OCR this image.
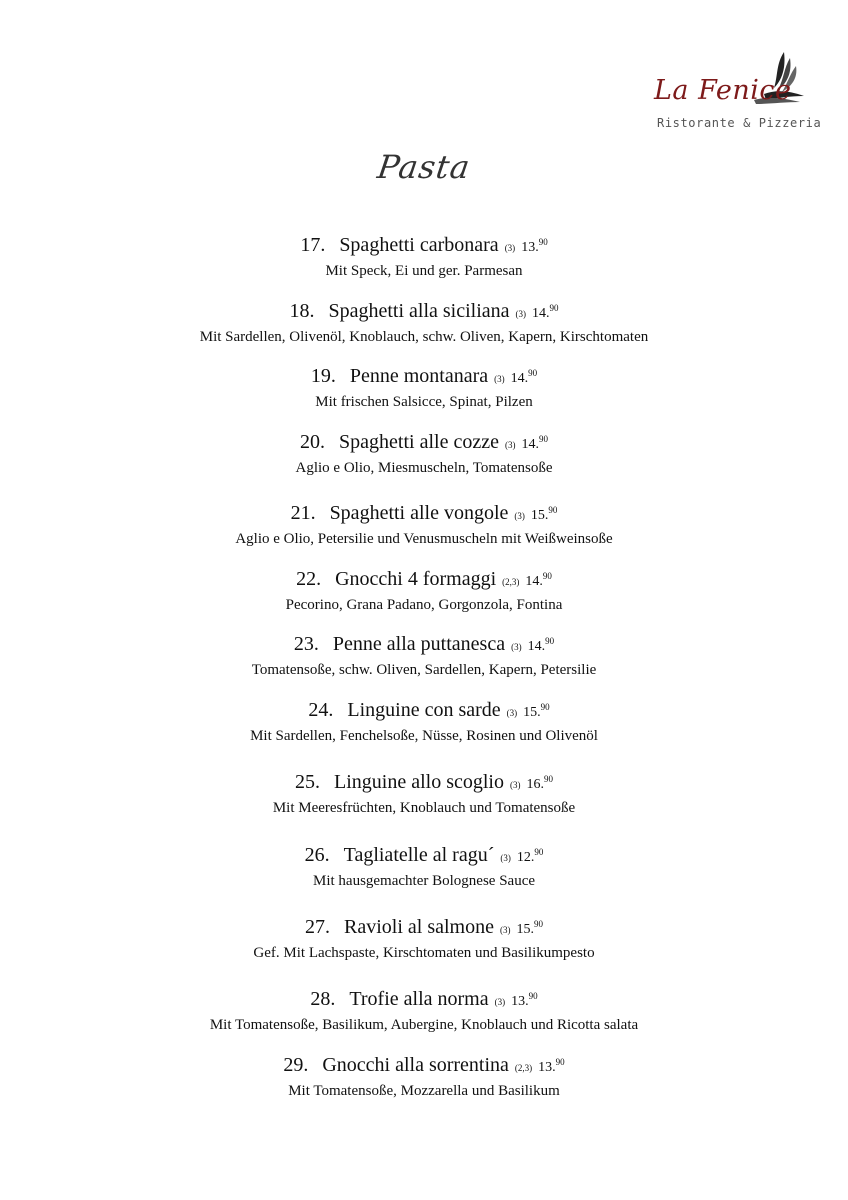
La Fenice
Ristorante & Pizzeria
Pasta
17. Spaghetti carbonara (3) 13.90
Mit Speck, Ei und ger. Parmesan
18. Spaghetti alla siciliana (3) 14.90
Mit Sardellen, Olivenöl, Knoblauch, schw. Oliven, Kapern, Kirschtomaten
19. Penne montanara (3) 14.90
Mit frischen Salsicce, Spinat, Pilzen
20. Spaghetti alle cozze (3) 14.90
Aglio e Olio, Miesmuscheln, Tomatensoße
21. Spaghetti alle vongole (3) 15.90
Aglio e Olio, Petersilie und Venusmuscheln mit Weißweinsoße
22. Gnocchi 4 formaggi (2,3) 14.90
Pecorino, Grana Padano, Gorgonzola, Fontina
23. Penne alla puttanesca (3) 14.90
Tomatensoße, schw. Oliven, Sardellen, Kapern, Petersilie
24. Linguine con sarde (3) 15.90
Mit Sardellen, Fenchelsoße, Nüsse, Rosinen und Olivenöl
25. Linguine allo scoglio (3) 16.90
Mit Meeresfrüchten, Knoblauch und Tomatensoße
26. Tagliatelle al ragu´ (3) 12.90
Mit hausgemachter Bolognese Sauce
27. Ravioli al salmone (3) 15.90
Gef. Mit Lachspaste, Kirschtomaten und Basilikumpesto
28. Trofie alla norma (3) 13.90
Mit Tomatensoße, Basilikum, Aubergine, Knoblauch und Ricotta salata
29. Gnocchi alla sorrentina (2,3) 13.90
Mit Tomatensoße, Mozzarella und Basilikum
